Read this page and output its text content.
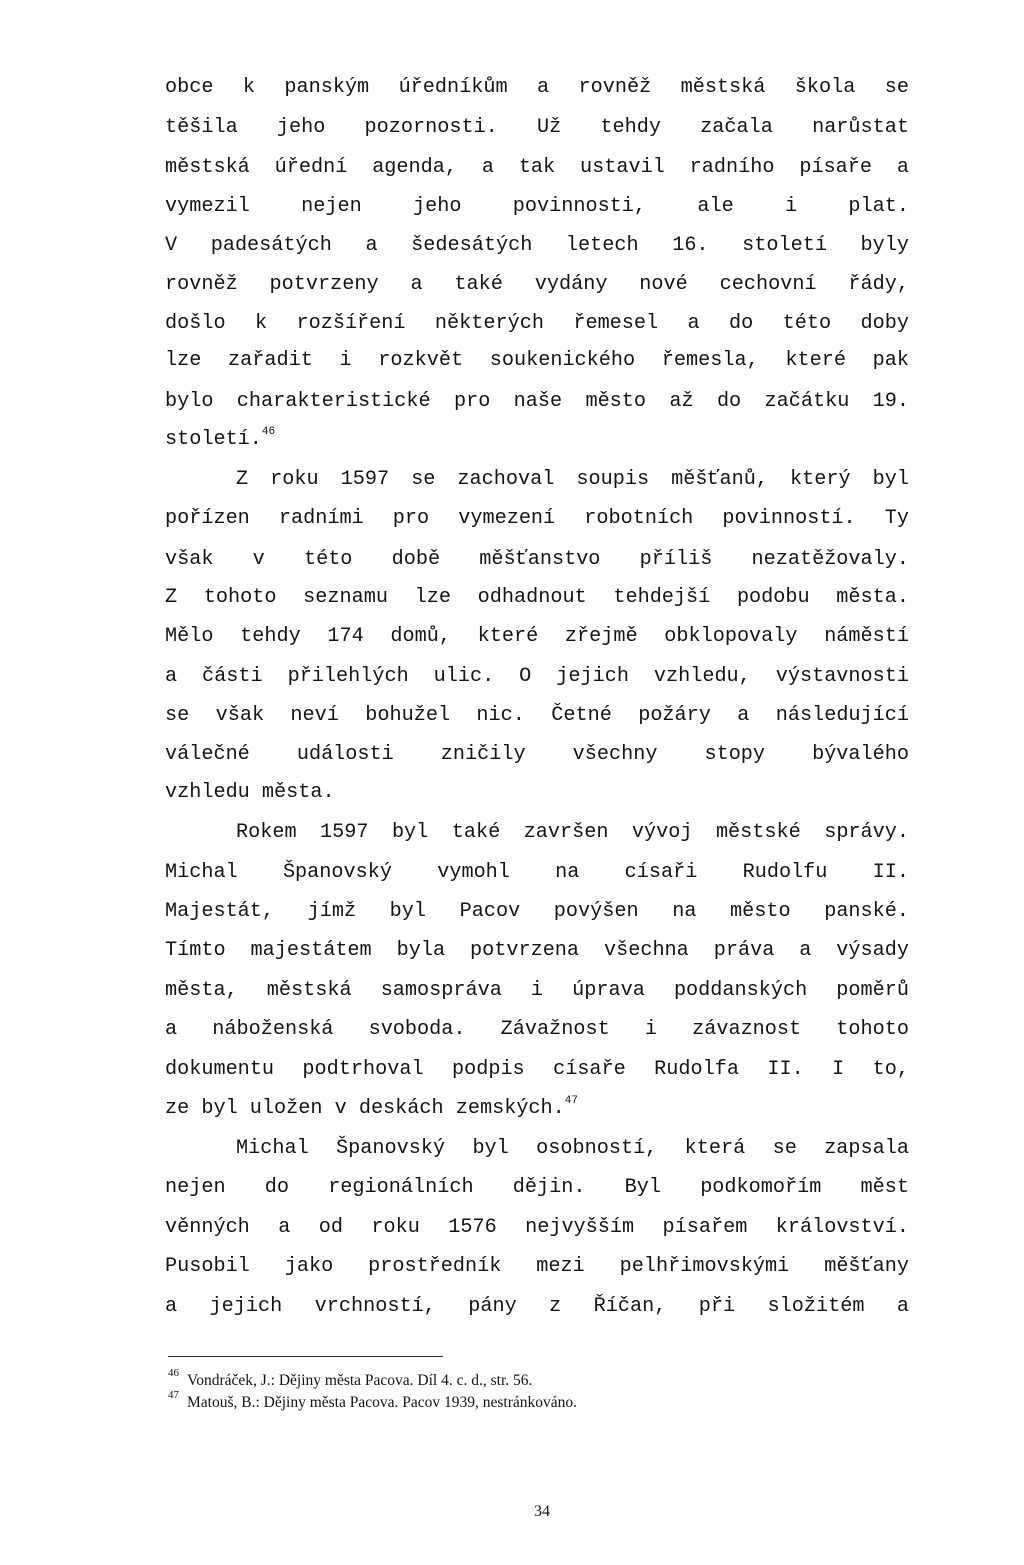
obce k panským úředníkům a rovněž městská škola se
těšila jeho pozornosti. Už tehdy začala narůstat
městská úřední agenda, a tak ustavil radního písaře a
vymezil nejen jeho povinnosti, ale i plat.
V padesátých a šedesátých letech 16. století byly
rovněž potvrzeny a také vydány nové cechovní řády,
došlo k rozšíření některých řemesel a do této doby
lze zařadit i rozkvět soukenického řemesla, které pak
bylo charakteristické pro naše město až do začátku 19.
století.$^{46}$
Z roku 1597 se zachoval soupis měšťanů, který byl
pořízen radními pro vymezení robotních povinností. Ty
však v této době měšťanstvo příliš nezatěžovaly.
Z tohoto seznamu lze odhadnout tehdejší podobu města.
Mělo tehdy 174 domů, které zřejmě obklopovaly náměstí
a části přilehlých ulic. O jejich vzhledu, výstavnosti
se však neví bohužel nic. Četné požáry a následující
válečné události zničily všechny stopy bývalého
vzhledu města.
Rokem 1597 byl také završen vývoj městské správy.
Michal Španovský vymohl na císaři Rudolfu II.
Majestát, jímž byl Pacov povýšen na město panské.
Tímto majestátem byla potvrzena všechna práva a výsady
města, městská samospráva i úprava poddanských poměrů
a náboženská svoboda. Závažnost i závaznost tohoto
dokumentu podtrhoval podpis císaře Rudolfa II. I to,
ze byl uložen v deskách zemských.$^{47}$
Michal Španovský byl osobností, která se zapsala
nejen do regionálních dějin. Byl podkomořím měst
věnných a od roku 1576 nejvyšším písařem království.
Pusobil jako prostředník mezi pelhřimovskými měšťany
a jejich vrchností, pány z Říčan, při složitém a
46 Vondráček, J.: Dějiny města Pacova. Díl 4. c. d., str. 56.
47 Matouš, B.: Dějiny města Pacova. Pacov 1939, nestránkováno.
34
